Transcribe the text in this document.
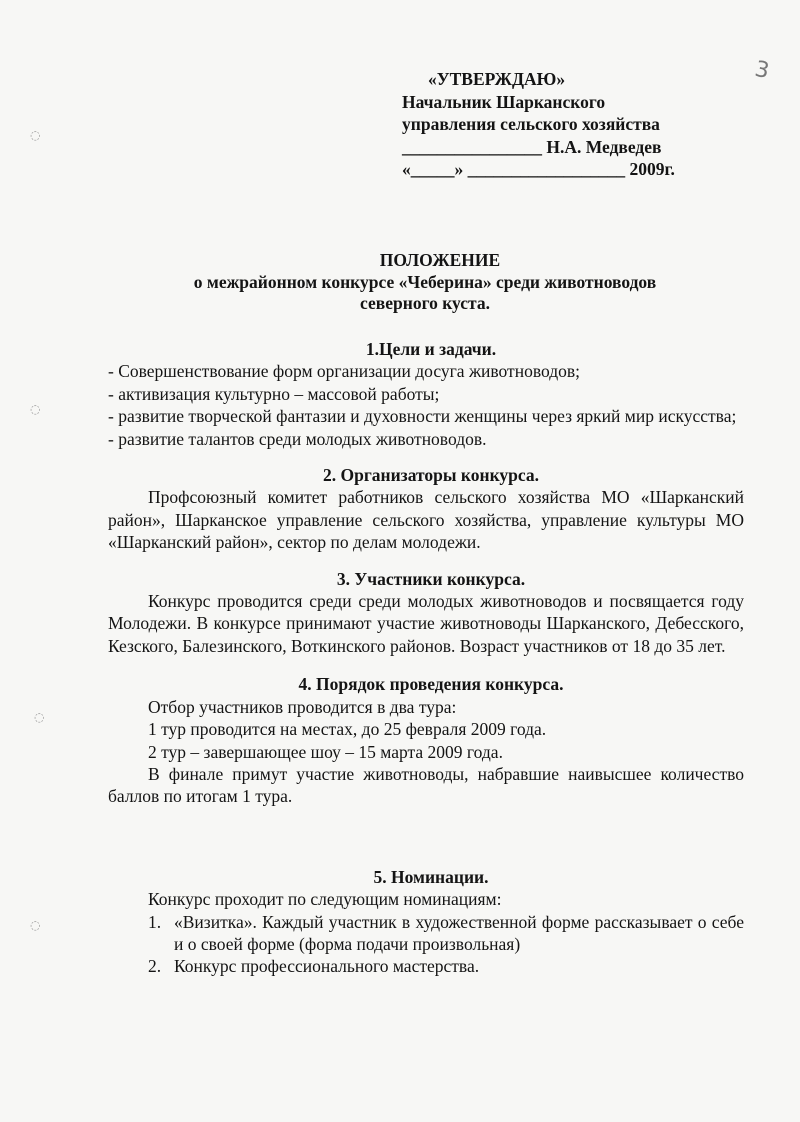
3
◌
◌
◌
◌
«УТВЕРЖДАЮ»
Начальник Шарканского
управления сельского хозяйства
________________ Н.А. Медведев
«_____» __________________ 2009г.
ПОЛОЖЕНИЕ
о межрайонном конкурсе «Чеберина» среди животноводов
северного куста.
1.Цели и задачи.
- Совершенствование форм организации досуга животноводов;
- активизация культурно – массовой работы;
- развитие творческой фантазии и духовности женщины через яркий мир искусства;
- развитие талантов среди молодых животноводов.
2. Организаторы конкурса.
Профсоюзный комитет работников сельского хозяйства МО «Шарканский район», Шарканское управление сельского хозяйства, управление культуры МО «Шарканский район», сектор по делам молодежи.
3. Участники конкурса.
Конкурс проводится среди среди молодых животноводов и посвящается году Молодежи. В конкурсе принимают участие животноводы Шарканского, Дебесского, Кезского, Балезинского, Воткинского районов. Возраст участников от 18 до 35 лет.
4. Порядок проведения конкурса.
Отбор участников проводится в два тура:
1 тур проводится на местах, до 25 февраля 2009 года.
2 тур – завершающее шоу – 15 марта 2009 года.
В финале примут участие животноводы, набравшие наивысшее количество баллов по итогам 1 тура.
5. Номинации.
Конкурс проходит по следующим номинациям:
1. «Визитка». Каждый участник в художественной форме рассказывает о себе и о своей форме (форма подачи произвольная)
2. Конкурс профессионального мастерства.
